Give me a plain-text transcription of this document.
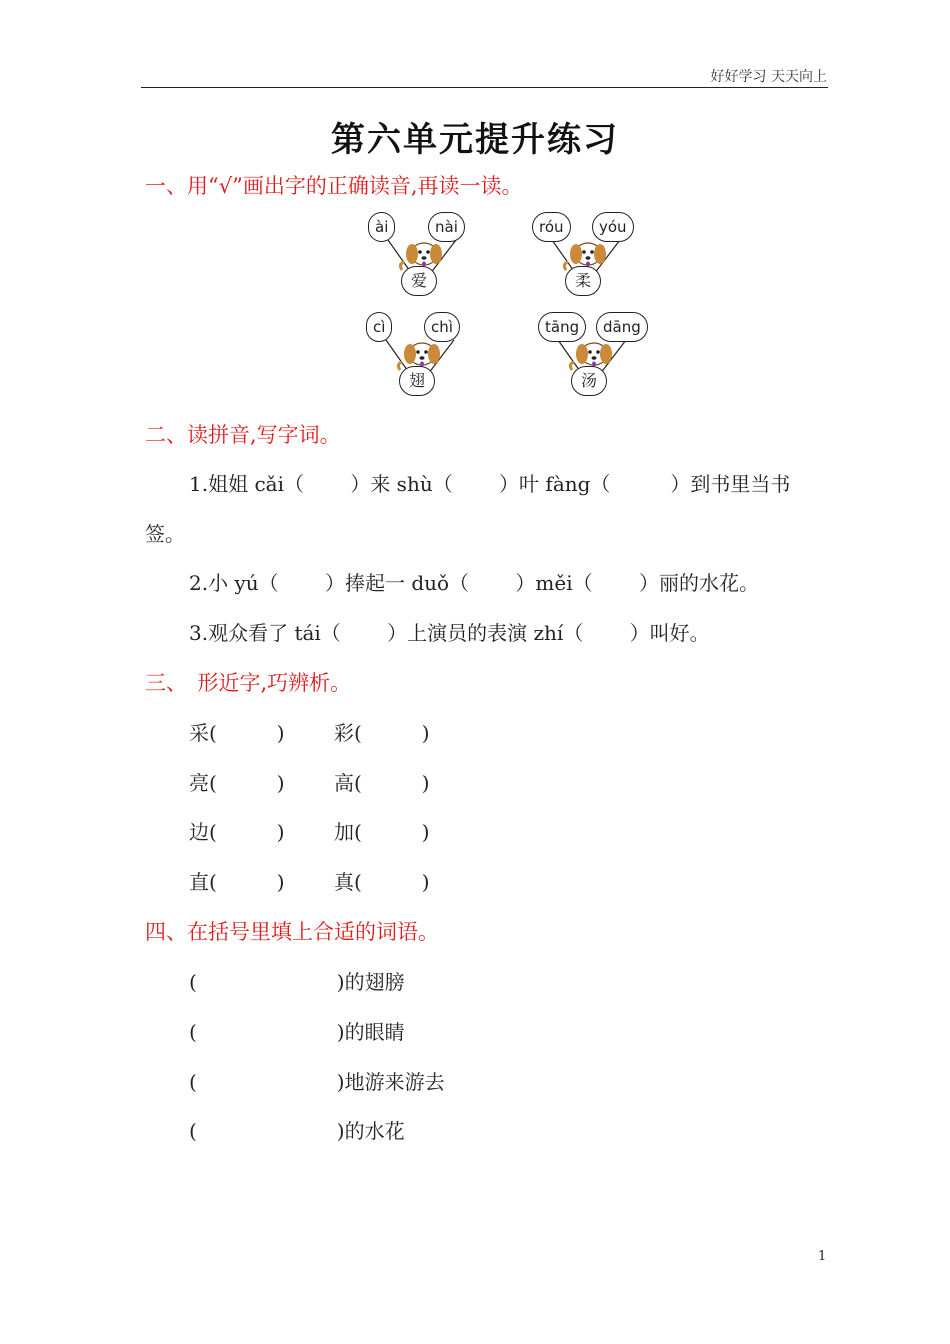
好好学习 天天向上
第六单元提升练习
一、用“√”画出字的正确读音,再读一读。
ài	nài
爱
róu	yóu
柔
cì	chì
翅
tāng	dāng
汤
二、读拼音,写字词。
1.姐姐 cǎi（　　 ）来 shù（　　 ）叶 fàng（　　　）到书里当书
签。
2.小 yú（　　 ）捧起一 duǒ（　　 ）měi（　　 ）丽的水花。
3.观众看了 tái（　　 ）上演员的表演 zhí（　　 ）叫好。
三、　形近字,巧辨析。
采(　　　) 彩(　　　)
亮(　　　) 高(　　　)
边(　　　) 加(　　　)
直(　　　) 真(　　　)
四、在括号里填上合适的词语。
(　　　　　　　)的翅膀
(　　　　　　　)的眼睛
(　　　　　　　)地游来游去
(　　　　　　　)的水花
1
